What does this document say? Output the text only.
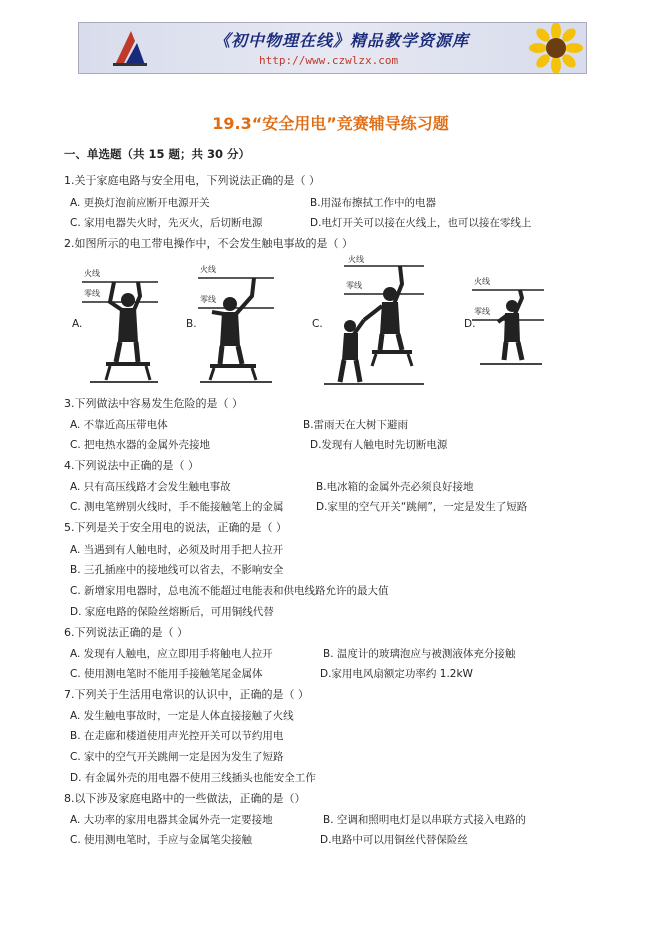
《初中物理在线》精品教学资源库
http://www.czwlzx.com
19.3“安全用电”竞赛辅导练习题
一、单选题（共 15 题；共 30 分）
1.关于家庭电路与安全用电，下列说法正确的是（ ）
A. 更换灯泡前应断开电源开关	B.用湿布擦拭工作中的电器
C. 家用电器失火时，先灭火，后切断电源	D.电灯开关可以接在火线上，也可以接在零线上
2.如图所示的电工带电操作中，不会发生触电事故的是（ ）
A.
火线
零线
B.
火线
零线
C.
火线
零线
D.
火线
零线
3.下列做法中容易发生危险的是（ ）
A. 不靠近高压带电体	B.雷雨天在大树下避雨
C. 把电热水器的金属外壳接地	D.发现有人触电时先切断电源
4.下列说法中正确的是（ ）
A. 只有高压线路才会发生触电事故	B.电冰箱的金属外壳必须良好接地
C. 测电笔辨别火线时，手不能接触笔上的金属	D.家里的空气开关“跳闸”，一定是发生了短路
5.下列是关于安全用电的说法，正确的是（ ）
A. 当遇到有人触电时，必须及时用手把人拉开
B. 三孔插座中的接地线可以省去，不影响安全
C. 新增家用电器时，总电流不能超过电能表和供电线路允许的最大值
D. 家庭电路的保险丝熔断后，可用铜线代替
6.下列说法正确的是（ ）
A. 发现有人触电，应立即用手将触电人拉开	B. 温度计的玻璃泡应与被测液体充分接触
C. 使用测电笔时不能用手接触笔尾金属体	D.家用电风扇额定功率约 1.2kW
7.下列关于生活用电常识的认识中，正确的是（ ）
A. 发生触电事故时，一定是人体直接接触了火线
B. 在走廊和楼道使用声光控开关可以节约用电
C. 家中的空气开关跳闸一定是因为发生了短路
D. 有金属外壳的用电器不使用三线插头也能安全工作
8.以下涉及家庭电路中的一些做法，正确的是（）
A. 大功率的家用电器其金属外壳一定要接地	B. 空调和照明电灯是以串联方式接入电路的
C. 使用测电笔时，手应与金属笔尖接触	D.电路中可以用铜丝代替保险丝
